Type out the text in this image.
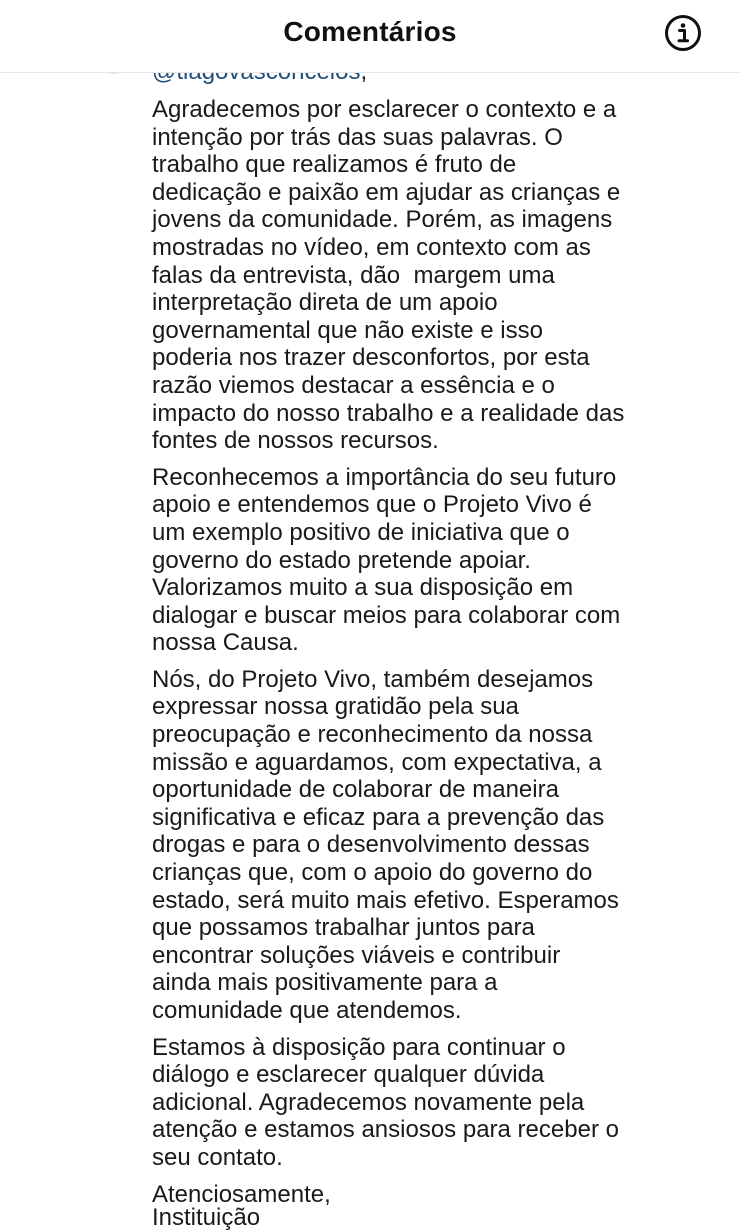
Agradecemos por esclarecer o contexto e a
intenção por trás das suas palavras. O
trabalho que realizamos é fruto de
dedicação e paixão em ajudar as crianças e
jovens da comunidade. Porém, as imagens
mostradas no vídeo, em contexto com as
falas da entrevista, dão  margem uma
interpretação direta de um apoio
governamental que não existe e isso
poderia nos trazer desconfortos, por esta
razão viemos destacar a essência e o
impacto do nosso trabalho e a realidade das
fontes de nossos recursos.

Reconhecemos a importância do seu futuro
apoio e entendemos que o Projeto Vivo é
um exemplo positivo de iniciativa que o
governo do estado pretende apoiar.
Valorizamos muito a sua disposição em
dialogar e buscar meios para colaborar com
nossa Causa.

Nós, do Projeto Vivo, também desejamos
expressar nossa gratidão pela sua
preocupação e reconhecimento da nossa
missão e aguardamos, com expectativa, a
oportunidade de colaborar de maneira
significativa e eficaz para a prevenção das
drogas e para o desenvolvimento dessas
crianças que, com o apoio do governo do
estado, será muito mais efetivo. Esperamos
que possamos trabalhar juntos para
encontrar soluções viáveis e contribuir
ainda mais positivamente para a
comunidade que atendemos.

Estamos à disposição para continuar o
diálogo e esclarecer qualquer dúvida
adicional. Agradecemos novamente pela
atenção e estamos ansiosos para receber o
seu contato.

Atenciosamente,

Instituição
Comentários
